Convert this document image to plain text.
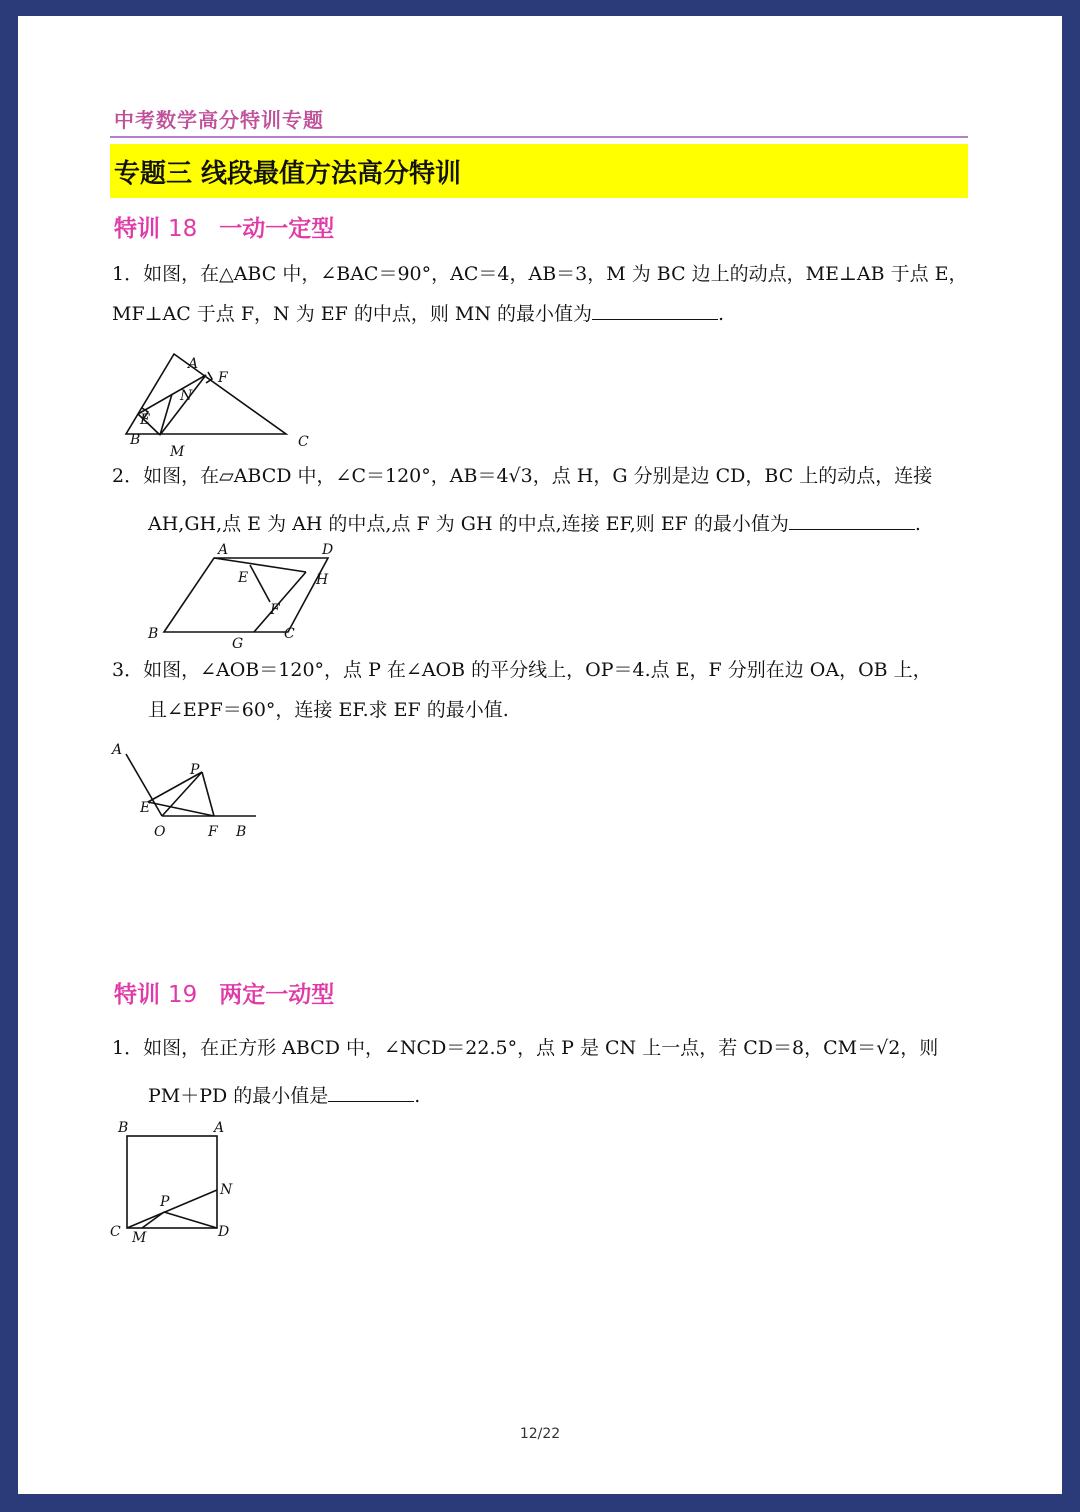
中考数学高分特训专题
专题三 线段最值方法高分特训
特训 18 一动一定型
1．如图，在△ABC 中，∠BAC＝90°，AC＝4，AB＝3，M 为 BC 边上的动点，ME⊥AB 于点 E，
MF⊥AC 于点 F，N 为 EF 的中点，则 MN 的最小值为	.
A
F
N
E
B
M
C
2．如图，在▱ABCD 中，∠C＝120°，AB＝4√3，点 H，G 分别是边 CD，BC 上的动点，连接
AH,GH,点 E 为 AH 的中点,点 F 为 GH 的中点,连接 EF,则 EF 的最小值为	.
A	D
E	H
F
B
G
C
3．如图，∠AOB＝120°，点 P 在∠AOB 的平分线上，OP＝4.点 E，F 分别在边 OA，OB 上，
且∠EPF＝60°，连接 EF.求 EF 的最小值.
A
P
E
O	F B
特训 19 两定一动型
1．如图，在正方形 ABCD 中，∠NCD＝22.5°，点 P 是 CN 上一点，若 CD＝8，CM＝√2，则
PM＋PD 的最小值是	.
B	A
N
P
C M	D
12/22
